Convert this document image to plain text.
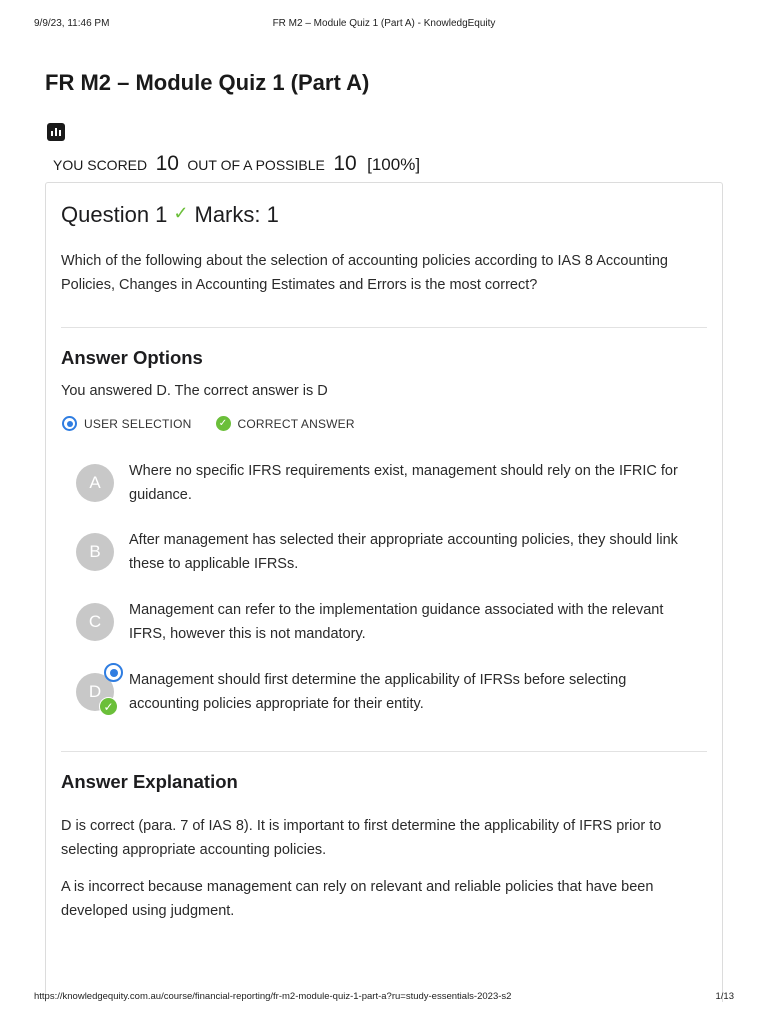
9/9/23, 11:46 PM	FR M2 – Module Quiz 1 (Part A) - KnowledgEquity
FR M2 – Module Quiz 1 (Part A)
YOU SCORED 10 OUT OF A POSSIBLE 10 [100%]
Question 1 ✓ Marks: 1

Which of the following about the selection of accounting policies according to IAS 8 Accounting Policies, Changes in Accounting Estimates and Errors is the most correct?

Answer Options

You answered D. The correct answer is D

USER SELECTION	✓ CORRECT ANSWER
A

Where no specific IFRS requirements exist, management should rely on the IFRIC for guidance.

B

After management has selected their appropriate accounting policies, they should link these to applicable IFRSs.

C

Management can refer to the implementation guidance associated with the relevant IFRS, however this is not mandatory.

D
✓

Management should first determine the applicability of IFRSs before selecting accounting policies appropriate for their entity.

Answer Explanation

D is correct (para. 7 of IAS 8). It is important to first determine the applicability of IFRS prior to selecting appropriate accounting policies.

A is incorrect because management can rely on relevant and reliable policies that have been developed using judgment.

https://knowledgequity.com.au/course/financial-reporting/fr-m2-module-quiz-1-part-a?ru=study-essentials-2023-s2	1/13
